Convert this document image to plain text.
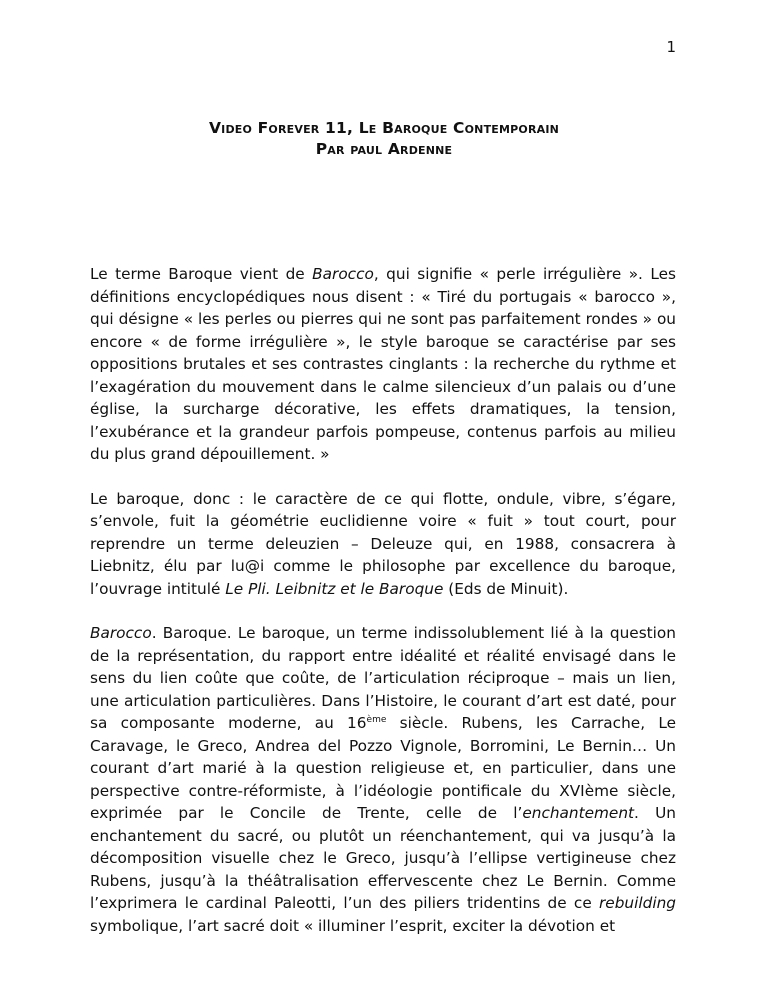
1
Video Forever 11, Le Baroque Contemporain
Par paul Ardenne

Le terme Baroque vient de Barocco, qui signifie « perle irrégulière ». Les définitions encyclopédiques nous disent : « Tiré du portugais « barocco », qui désigne « les perles ou pierres qui ne sont pas parfaitement rondes » ou encore « de forme irrégulière », le style baroque se caractérise par ses oppositions brutales et ses contrastes cinglants : la recherche du rythme et l’exagération du mouvement dans le calme silencieux d’un palais ou d’une église, la surcharge décorative, les effets dramatiques, la tension, l’exubérance et la grandeur parfois pompeuse, contenus parfois au milieu du plus grand dépouillement. »

Le baroque, donc : le caractère de ce qui flotte, ondule, vibre, s’égare, s’envole, fuit la géométrie euclidienne voire « fuit » tout court, pour reprendre un terme deleuzien – Deleuze qui, en 1988, consacrera à Liebnitz, élu par lu@i comme le philosophe par excellence du baroque, l’ouvrage intitulé Le Pli. Leibnitz et le Baroque (Eds de Minuit).

Barocco. Baroque. Le baroque, un terme indissolublement lié à la question de la représentation, du rapport entre idéalité et réalité envisagé dans le sens du lien coûte que coûte, de l’articulation réciproque – mais un lien, une articulation particulières. Dans l’Histoire, le courant d’art est daté, pour sa composante moderne, au 16ème siècle. Rubens, les Carrache, Le Caravage, le Greco, Andrea del Pozzo Vignole, Borromini, Le Bernin… Un courant d’art marié à la question religieuse et, en particulier, dans une perspective contre-réformiste, à l’idéologie pontificale du XVIème siècle, exprimée par le Concile de Trente, celle de l’enchantement. Un enchantement du sacré, ou plutôt un réenchantement, qui va jusqu’à la décomposition visuelle chez le Greco, jusqu’à l’ellipse vertigineuse chez Rubens, jusqu’à la théâtralisation effervescente chez Le Bernin. Comme l’exprimera le cardinal Paleotti, l’un des piliers tridentins de ce rebuilding symbolique, l’art sacré doit « illuminer l’esprit, exciter la dévotion et
